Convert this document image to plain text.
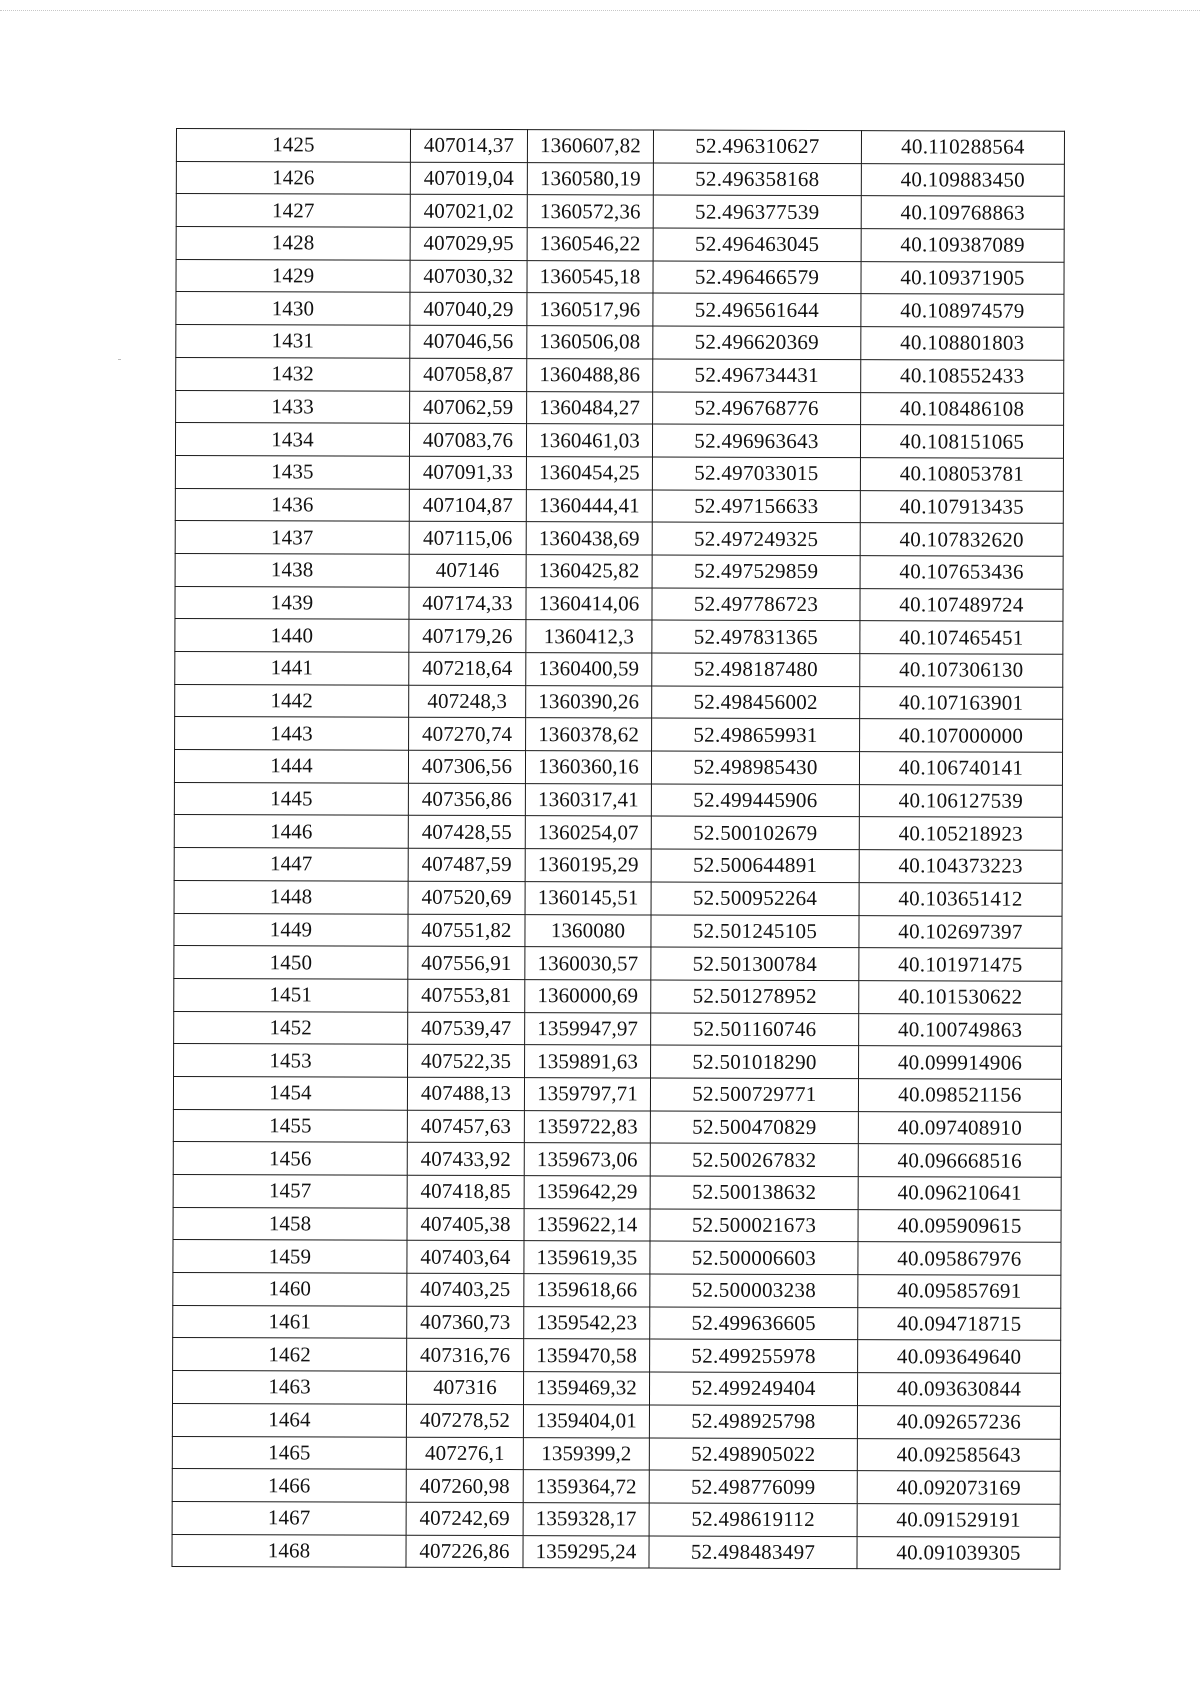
1425	407014,37	1360607,82	52.496310627	40.110288564
1426	407019,04	1360580,19	52.496358168	40.109883450
1427	407021,02	1360572,36	52.496377539	40.109768863
1428	407029,95	1360546,22	52.496463045	40.109387089
1429	407030,32	1360545,18	52.496466579	40.109371905
1430	407040,29	1360517,96	52.496561644	40.108974579
1431	407046,56	1360506,08	52.496620369	40.108801803
1432	407058,87	1360488,86	52.496734431	40.108552433
1433	407062,59	1360484,27	52.496768776	40.108486108
1434	407083,76	1360461,03	52.496963643	40.108151065
1435	407091,33	1360454,25	52.497033015	40.108053781
1436	407104,87	1360444,41	52.497156633	40.107913435
1437	407115,06	1360438,69	52.497249325	40.107832620
1438	407146	1360425,82	52.497529859	40.107653436
1439	407174,33	1360414,06	52.497786723	40.107489724
1440	407179,26	1360412,3	52.497831365	40.107465451
1441	407218,64	1360400,59	52.498187480	40.107306130
1442	407248,3	1360390,26	52.498456002	40.107163901
1443	407270,74	1360378,62	52.498659931	40.107000000
1444	407306,56	1360360,16	52.498985430	40.106740141
1445	407356,86	1360317,41	52.499445906	40.106127539
1446	407428,55	1360254,07	52.500102679	40.105218923
1447	407487,59	1360195,29	52.500644891	40.104373223
1448	407520,69	1360145,51	52.500952264	40.103651412
1449	407551,82	1360080	52.501245105	40.102697397
1450	407556,91	1360030,57	52.501300784	40.101971475
1451	407553,81	1360000,69	52.501278952	40.101530622
1452	407539,47	1359947,97	52.501160746	40.100749863
1453	407522,35	1359891,63	52.501018290	40.099914906
1454	407488,13	1359797,71	52.500729771	40.098521156
1455	407457,63	1359722,83	52.500470829	40.097408910
1456	407433,92	1359673,06	52.500267832	40.096668516
1457	407418,85	1359642,29	52.500138632	40.096210641
1458	407405,38	1359622,14	52.500021673	40.095909615
1459	407403,64	1359619,35	52.500006603	40.095867976
1460	407403,25	1359618,66	52.500003238	40.095857691
1461	407360,73	1359542,23	52.499636605	40.094718715
1462	407316,76	1359470,58	52.499255978	40.093649640
1463	407316	1359469,32	52.499249404	40.093630844
1464	407278,52	1359404,01	52.498925798	40.092657236
1465	407276,1	1359399,2	52.498905022	40.092585643
1466	407260,98	1359364,72	52.498776099	40.092073169
1467	407242,69	1359328,17	52.498619112	40.091529191
1468	407226,86	1359295,24	52.498483497	40.091039305
